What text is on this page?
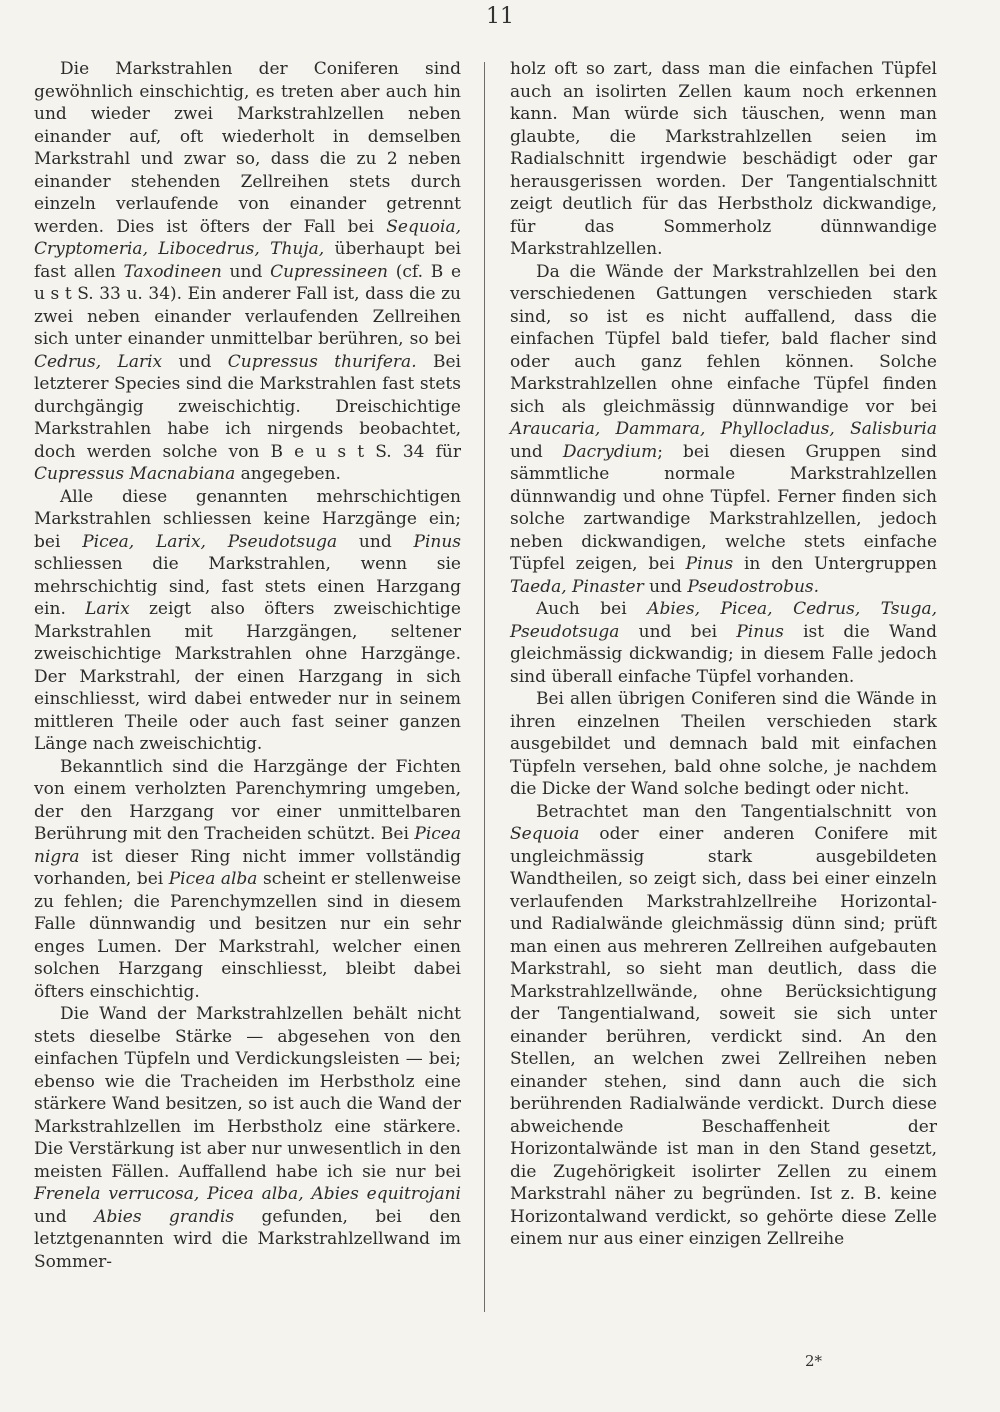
11

Die Markstrahlen der Coniferen sind gewöhnlich einschichtig, es treten aber auch hin und wieder zwei Markstrahlzellen neben einander auf, oft wiederholt in demselben Markstrahl und zwar so, dass die zu 2 neben einander stehenden Zellreihen stets durch einzeln verlaufende von einander getrennt werden. Dies ist öfters der Fall bei Sequoia, Cryptomeria, Libocedrus, Thuja, überhaupt bei fast allen Taxodineen und Cupressineen (cf. B e u s t S. 33 u. 34). Ein anderer Fall ist, dass die zu zwei neben einander verlaufenden Zellreihen sich unter einander unmittelbar berühren, so bei Cedrus, Larix und Cupressus thurifera. Bei letzterer Species sind die Markstrahlen fast stets durchgängig zweischichtig. Dreischichtige Markstrahlen habe ich nirgends beobachtet, doch werden solche von B e u s t S. 34 für Cupressus Macnabiana angegeben.

Alle diese genannten mehrschichtigen Markstrahlen schliessen keine Harzgänge ein; bei Picea, Larix, Pseudotsuga und Pinus schliessen die Markstrahlen, wenn sie mehrschichtig sind, fast stets einen Harzgang ein. Larix zeigt also öfters zweischichtige Markstrahlen mit Harzgängen, seltener zweischichtige Markstrahlen ohne Harzgänge. Der Markstrahl, der einen Harzgang in sich einschliesst, wird dabei entweder nur in seinem mittleren Theile oder auch fast seiner ganzen Länge nach zweischichtig.

Bekanntlich sind die Harzgänge der Fichten von einem verholzten Parenchymring umgeben, der den Harzgang vor einer unmittelbaren Berührung mit den Tracheiden schützt. Bei Picea nigra ist dieser Ring nicht immer vollständig vorhanden, bei Picea alba scheint er stellenweise zu fehlen; die Parenchymzellen sind in diesem Falle dünnwandig und besitzen nur ein sehr enges Lumen. Der Markstrahl, welcher einen solchen Harzgang einschliesst, bleibt dabei öfters einschichtig.

Die Wand der Markstrahlzellen behält nicht stets dieselbe Stärke — abgesehen von den einfachen Tüpfeln und Verdickungsleisten — bei; ebenso wie die Tracheiden im Herbstholz eine stärkere Wand besitzen, so ist auch die Wand der Markstrahlzellen im Herbstholz eine stärkere. Die Verstärkung ist aber nur unwesentlich in den meisten Fällen. Auffallend habe ich sie nur bei Frenela verrucosa, Picea alba, Abies equitrojani und Abies grandis gefunden, bei den letztgenannten wird die Markstrahlzellwand im Sommer-

holz oft so zart, dass man die einfachen Tüpfel auch an isolirten Zellen kaum noch erkennen kann. Man würde sich täuschen, wenn man glaubte, die Markstrahlzellen seien im Radialschnitt irgendwie beschädigt oder gar herausgerissen worden. Der Tangentialschnitt zeigt deutlich für das Herbstholz dickwandige, für das Sommerholz dünnwandige Markstrahlzellen.

Da die Wände der Markstrahlzellen bei den verschiedenen Gattungen verschieden stark sind, so ist es nicht auffallend, dass die einfachen Tüpfel bald tiefer, bald flacher sind oder auch ganz fehlen können. Solche Markstrahlzellen ohne einfache Tüpfel finden sich als gleichmässig dünnwandige vor bei Araucaria, Dammara, Phyllocladus, Salisburia und Dacrydium; bei diesen Gruppen sind sämmtliche normale Markstrahlzellen dünnwandig und ohne Tüpfel. Ferner finden sich solche zartwandige Markstrahlzellen, jedoch neben dickwandigen, welche stets einfache Tüpfel zeigen, bei Pinus in den Untergruppen Taeda, Pinaster und Pseudostrobus.

Auch bei Abies, Picea, Cedrus, Tsuga, Pseudotsuga und bei Pinus ist die Wand gleichmässig dickwandig; in diesem Falle jedoch sind überall einfache Tüpfel vorhanden.

Bei allen übrigen Coniferen sind die Wände in ihren einzelnen Theilen verschieden stark ausgebildet und demnach bald mit einfachen Tüpfeln versehen, bald ohne solche, je nachdem die Dicke der Wand solche bedingt oder nicht.

Betrachtet man den Tangentialschnitt von Sequoia oder einer anderen Conifere mit ungleichmässig stark ausgebildeten Wandtheilen, so zeigt sich, dass bei einer einzeln verlaufenden Markstrahlzellreihe Horizontal- und Radialwände gleichmässig dünn sind; prüft man einen aus mehreren Zellreihen aufgebauten Markstrahl, so sieht man deutlich, dass die Markstrahlzellwände, ohne Berücksichtigung der Tangentialwand, soweit sie sich unter einander berühren, verdickt sind. An den Stellen, an welchen zwei Zellreihen neben einander stehen, sind dann auch die sich berührenden Radialwände verdickt. Durch diese abweichende Beschaffenheit der Horizontalwände ist man in den Stand gesetzt, die Zugehörigkeit isolirter Zellen zu einem Markstrahl näher zu begründen. Ist z. B. keine Horizontalwand verdickt, so gehörte diese Zelle einem nur aus einer einzigen Zellreihe

2*
